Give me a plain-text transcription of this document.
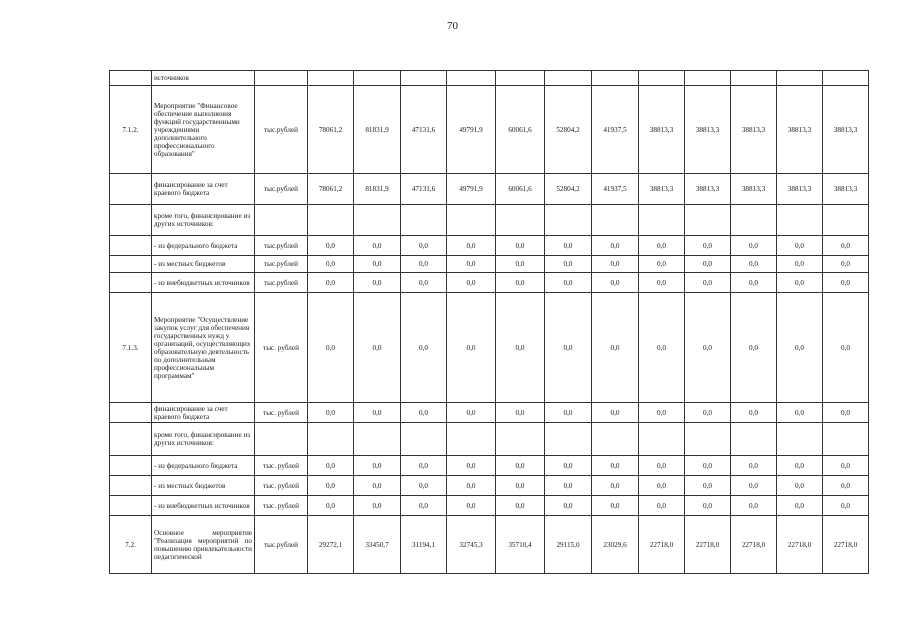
70
	источников													
7.1.2.	Мероприятие "Финансовое обеспечение выполнения функций государственными учреждениями дополнительного профессионального образования"	тыс.рублей	78061,2	81831,9	47131,6	49791,9	60061,6	52804,2	41937,5	38813,3	38813,3	38813,3	38813,3	38813,3
	финансирование за счет краевого бюджета	тыс.рублей	78061,2	81831,9	47131,6	49791,9	60061,6	52804,2	41937,5	38813,3	38813,3	38813,3	38813,3	38813,3
	кроме того, финансирование из других источников:													
	- из федерального бюджета	тыс.рублей	0,0	0,0	0,0	0,0	0,0	0,0	0,0	0,0	0,0	0,0	0,0	0,0
	- из местных бюджетов	тыс.рублей	0,0	0,0	0,0	0,0	0,0	0,0	0,0	0,0	0,0	0,0	0,0	0,0
	- из внебюджетных источников	тыс.рублей	0,0	0,0	0,0	0,0	0,0	0,0	0,0	0,0	0,0	0,0	0,0	0,0
7.1.3.	Мероприятие "Осуществление закупок услуг для обеспечения государственных нужд у организаций, осуществляющих образовательную деятельность по дополнительным профессиональным программам"	тыс. рублей	0,0	0,0	0,0	0,0	0,0	0,0	0,0	0,0	0,0	0,0	0,0	0,0
	финансирование за счет краевого бюджета	тыс. рублей	0,0	0,0	0,0	0,0	0,0	0,0	0,0	0,0	0,0	0,0	0,0	0,0
	кроме того, финансирование из других источников:													
	- из федерального бюджета	тыс. рублей	0,0	0,0	0,0	0,0	0,0	0,0	0,0	0,0	0,0	0,0	0,0	0,0
	- из местных бюджетов	тыс. рублей	0,0	0,0	0,0	0,0	0,0	0,0	0,0	0,0	0,0	0,0	0,0	0,0
	- из внебюджетных источников	тыс. рублей	0,0	0,0	0,0	0,0	0,0	0,0	0,0	0,0	0,0	0,0	0,0	0,0
7.2.	Основное мероприятие "Реализация мероприятий по повышению привлекательности педагогической	тыс.рублей	29272,1	33450,7	31194,1	32745,3	35710,4	29115,0	23029,6	22718,0	22718,0	22718,0	22718,0	22718,0
